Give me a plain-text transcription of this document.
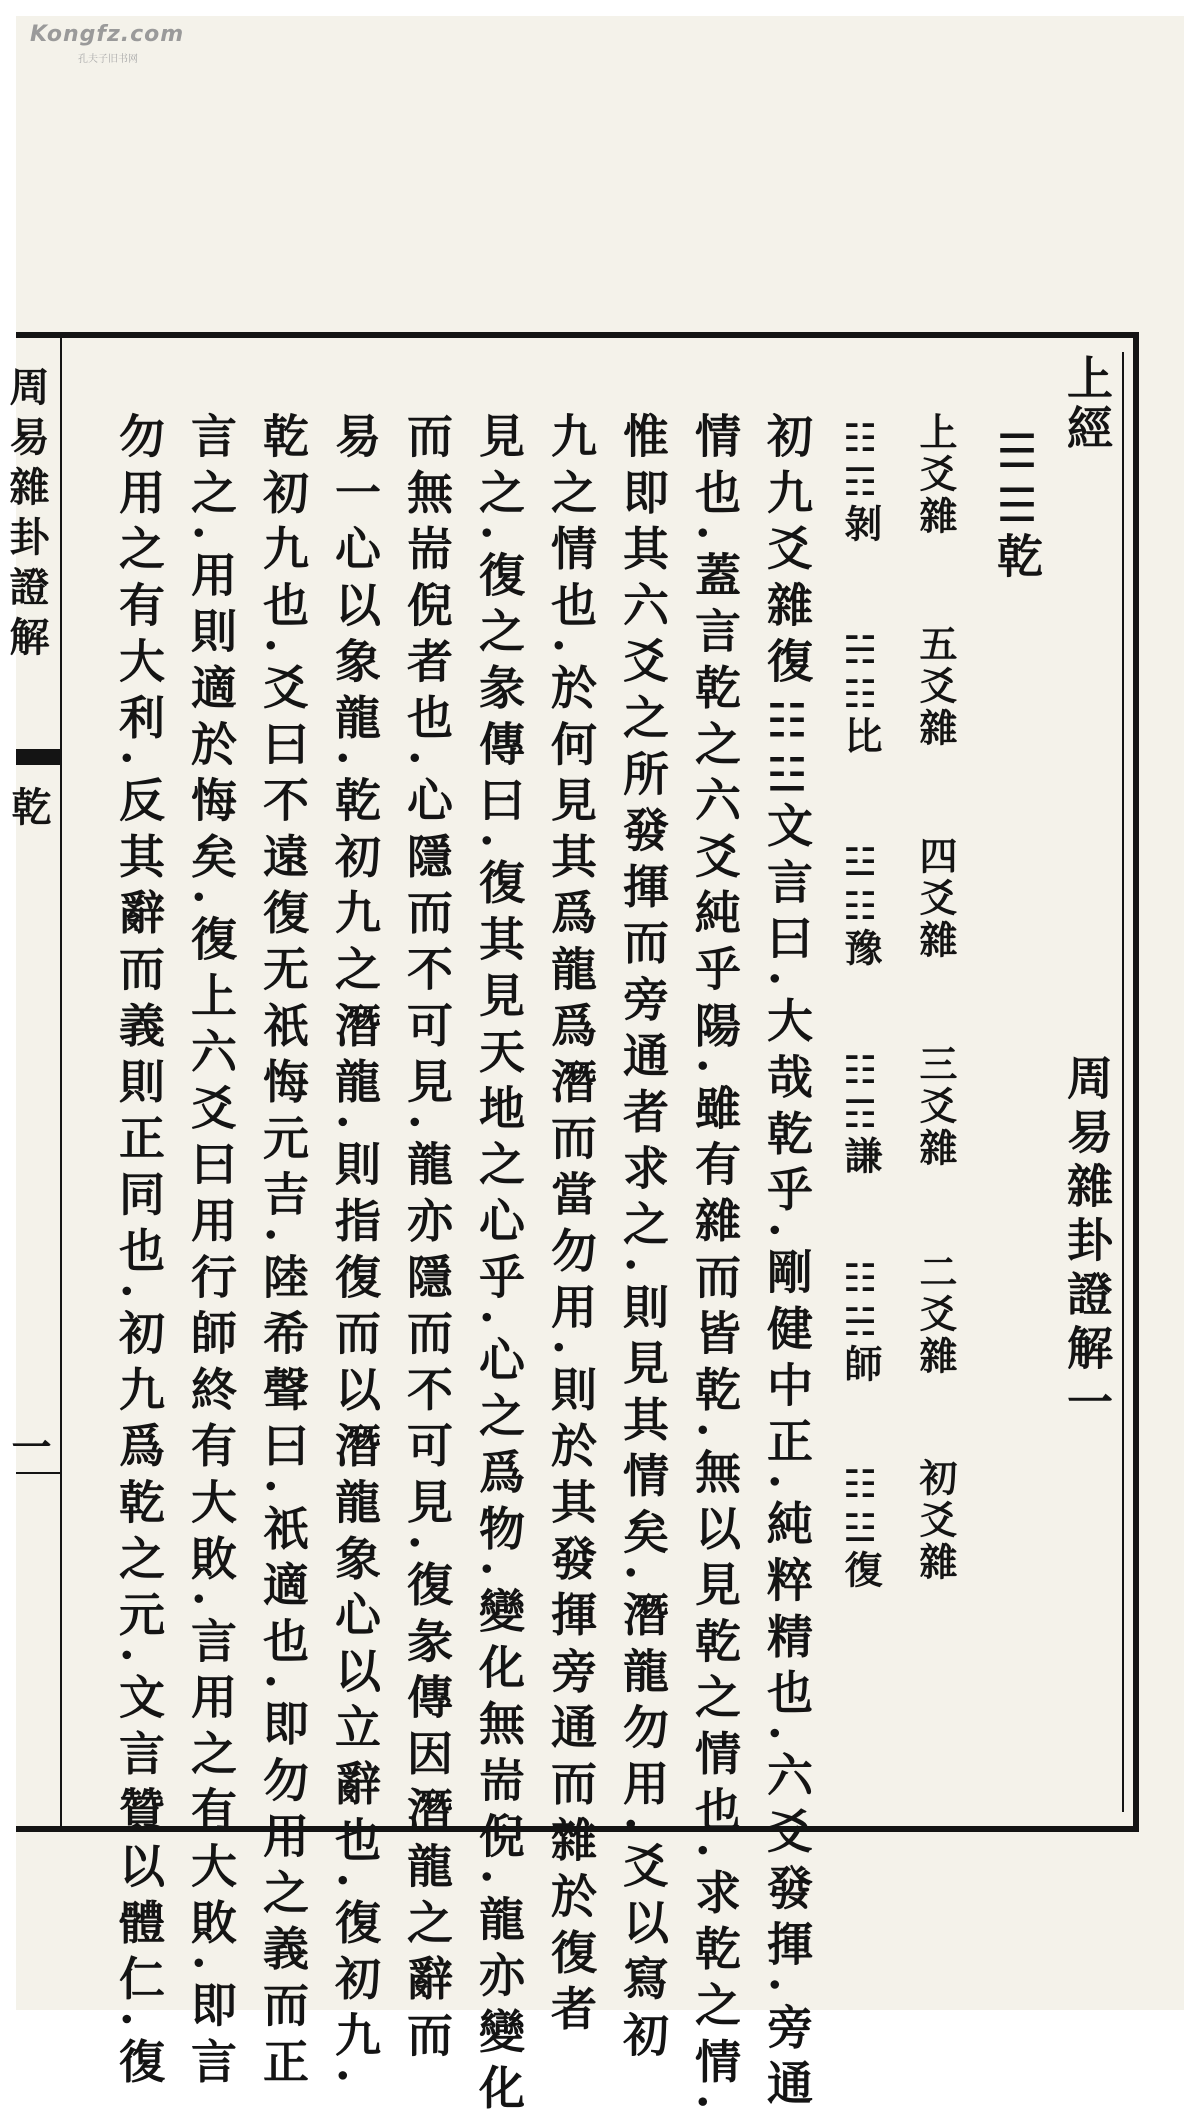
Kongfz.com
孔夫子旧书网
上經
周易雜卦證解一
☰☰乾
上爻雜
☷☶剝
五爻雜
☵☷比
四爻雜
☳☷豫
三爻雜
☷☶謙
二爻雜
☷☵師
初爻雜
☷☳復
初九爻雜復☷☳文言曰.大哉乾乎.剛健中正.純粹精也.六爻發揮.旁通
情也.蓋言乾之六爻純乎陽.雖有雜而皆乾.無以見乾之情也.求乾之情.
惟即其六爻之所發揮而旁通者求之.則見其情矣.潛龍勿用.爻以寫初
九之情也.於何見其爲龍爲潛而當勿用.則於其發揮旁通而雜於復者
見之.復之彖傳曰.復其見天地之心乎.心之爲物.變化無耑倪.龍亦變化
而無耑倪者也.心隱而不可見.龍亦隱而不可見.復彖傳因潛龍之辭而
易一心以象龍.乾初九之潛龍.則指復而以潛龍象心以立辭也.復初九.
乾初九也.爻曰不遠復无祇悔元吉.陸希聲曰.祇適也.即勿用之義而正
言之.用則適於悔矣.復上六爻曰用行師終有大敗.言用之有大敗.即言
勿用之有大利.反其辭而義則正同也.初九爲乾之元.文言贊以體仁.復
周易雜卦證解
乾
一
